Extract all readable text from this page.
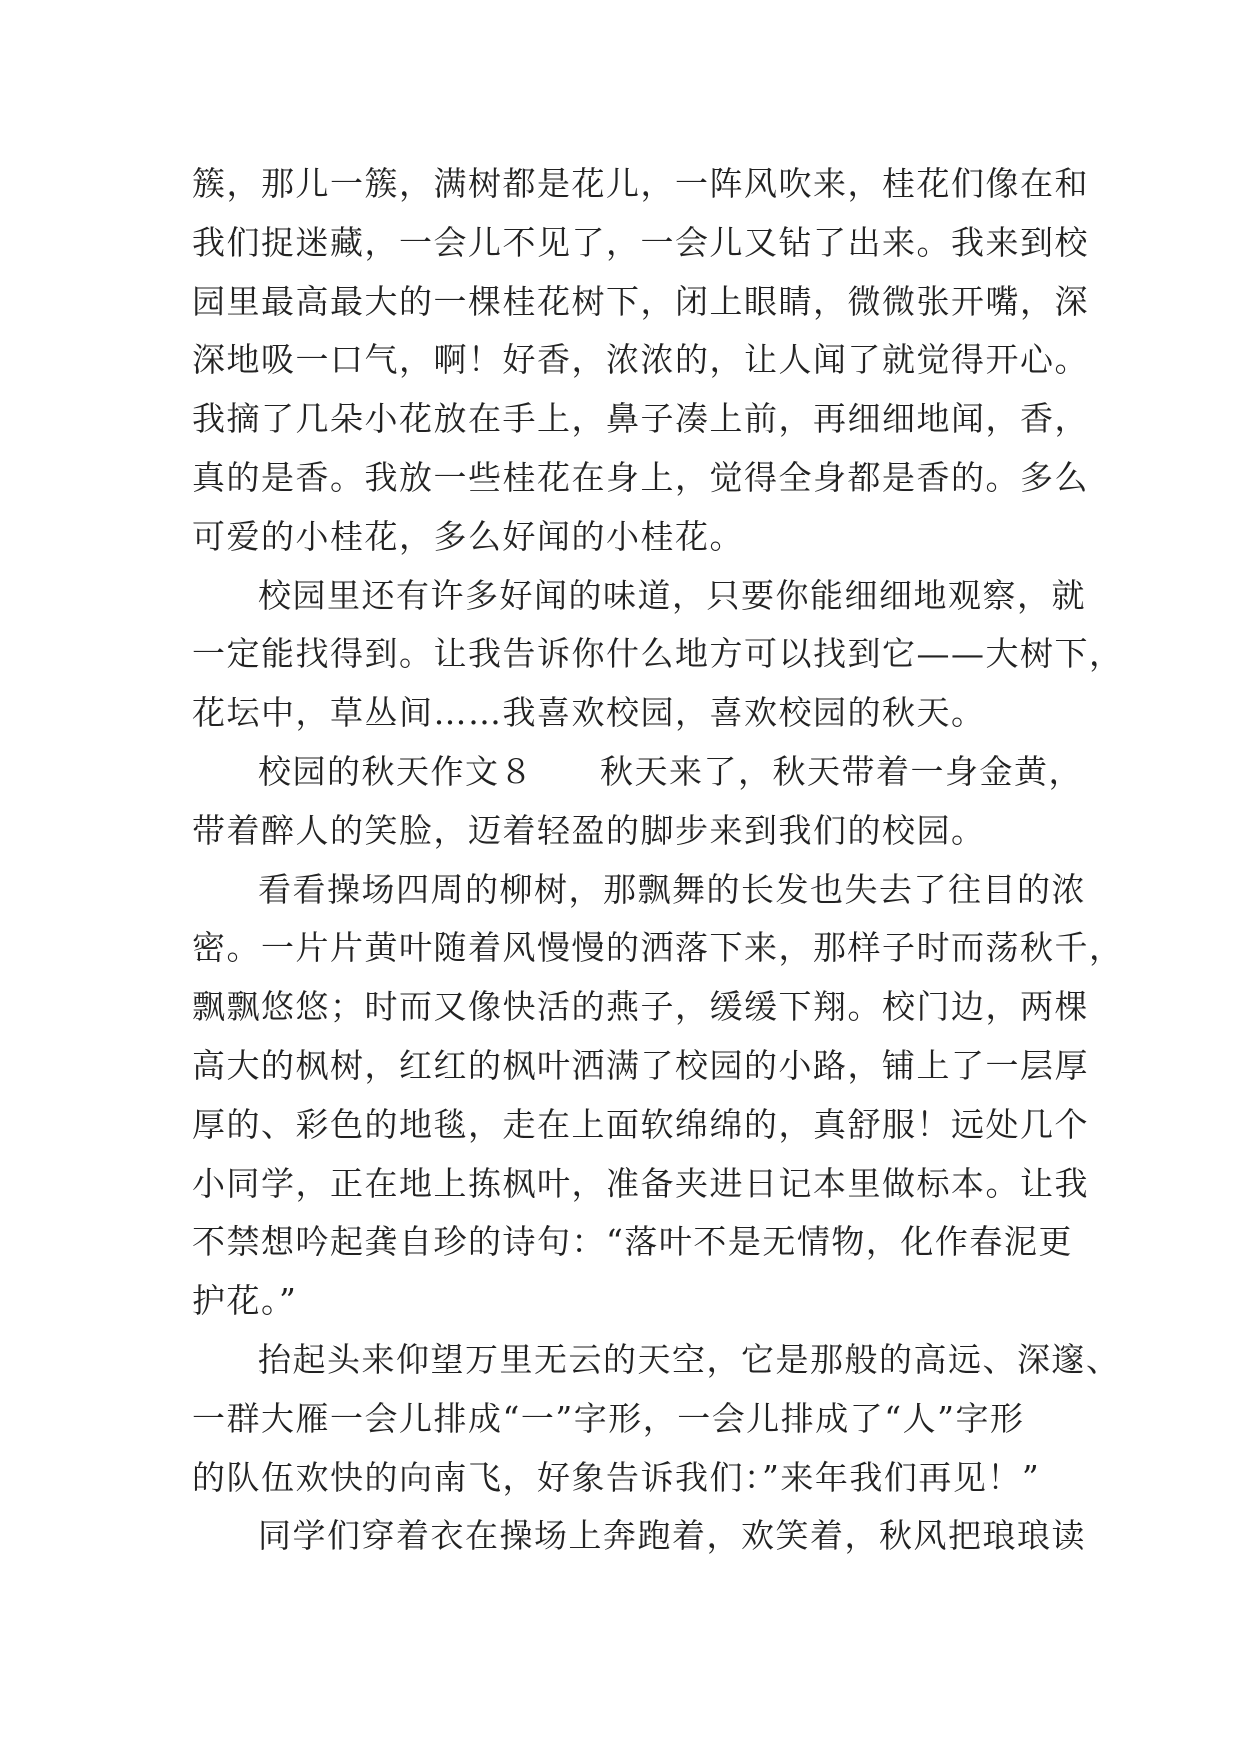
簇，那儿一簇，满树都是花儿，一阵风吹来，桂花们像在和
我们捉迷藏，一会儿不见了，一会儿又钻了出来。我来到校
园里最高最大的一棵桂花树下，闭上眼睛，微微张开嘴，深
深地吸一口气，啊！好香，浓浓的，让人闻了就觉得开心。
我摘了几朵小花放在手上，鼻子凑上前，再细细地闻，香，
真的是香。我放一些桂花在身上，觉得全身都是香的。多么
可爱的小桂花，多么好闻的小桂花。
校园里还有许多好闻的味道，只要你能细细地观察，就
一定能找得到。让我告诉你什么地方可以找到它——大树下，
花坛中，草丛间……我喜欢校园，喜欢校园的秋天。
校园的秋天作文８ 秋天来了，秋天带着一身金黄，
带着醉人的笑脸，迈着轻盈的脚步来到我们的校园。
看看操场四周的柳树，那飘舞的长发也失去了往目的浓
密。一片片黄叶随着风慢慢的洒落下来，那样子时而荡秋千，
飘飘悠悠；时而又像快活的燕子，缓缓下翔。校门边，两棵
高大的枫树，红红的枫叶洒满了校园的小路，铺上了一层厚
厚的、彩色的地毯，走在上面软绵绵的，真舒服！远处几个
小同学，正在地上拣枫叶，准备夹进日记本里做标本。让我
不禁想吟起龚自珍的诗句：“落叶不是无情物，化作春泥更
护花。”
抬起头来仰望万里无云的天空，它是那般的高远、深邃、
一群大雁一会儿排成“一”字形，一会儿排成了“人”字形
的队伍欢快的向南飞，好象告诉我们：”来年我们再见！”
同学们穿着衣在操场上奔跑着，欢笑着，秋风把琅琅读
